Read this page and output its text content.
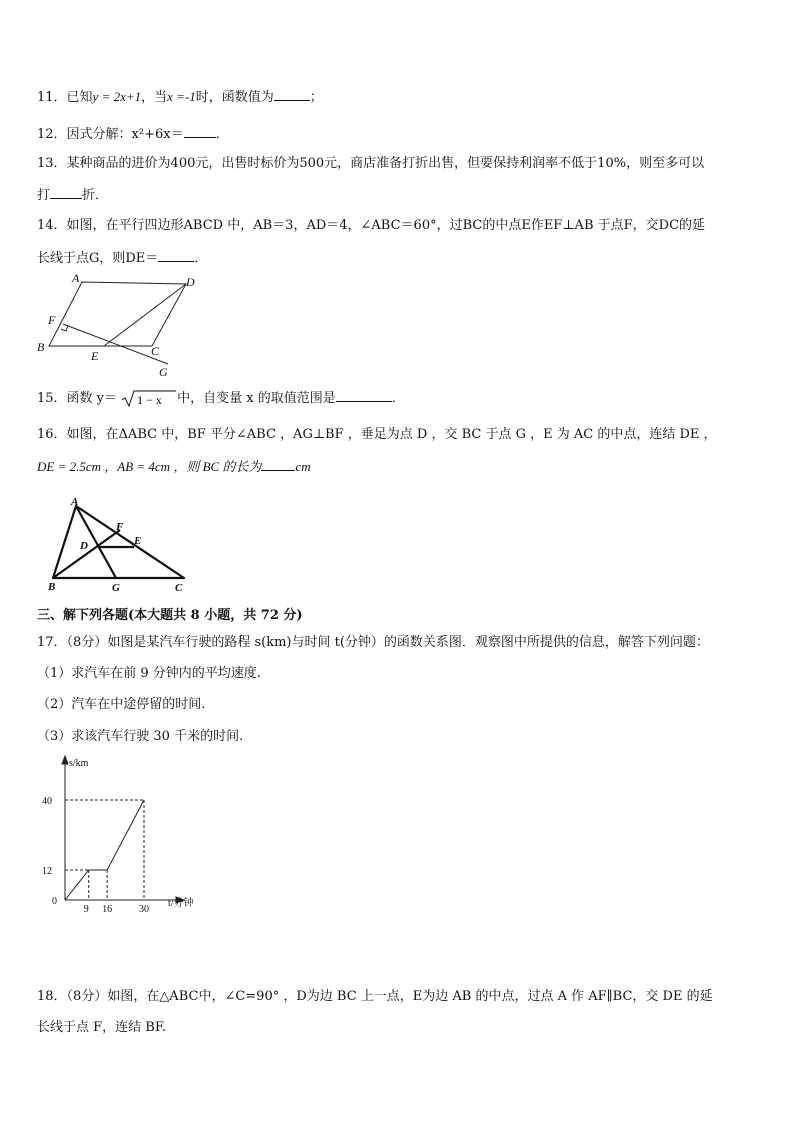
11．已知y = 2x+1，当x =-1时，函数值为	；
12．因式分解：x²+6x＝ ．
13．某种商品的进价为400元，出售时标价为500元，商店准备打折出售，但要保持利润率不低于10%，则至多可以
打 折．
14．如图，在平行四边形ABCD 中，AB＝3，AD＝4，∠ABC＝60°，过BC的中点E作EF⊥AB 于点F，交DC的延
长线于点G，则DE＝	．
A	D
F
B
E	C
G
15．函数 y＝ 1 − x 中，自变量 x 的取值范围是	．
16．如图，在ΔABC 中，BF 平分∠ABC ，AG⊥BF ，垂足为点 D ，交 BC 于点 G ，E 为 AC 的中点，连结 DE ，
DE = 2.5cm ，AB = 4cm ，则 BC 的长为	cm
A
F
D	E
B	G	C
三、解下列各题(本大题共 8 小题，共 72 分)
17．（8分）如图是某汽车行驶的路程 s(km)与时间 t(分钟）的函数关系图．观察图中所提供的信息，解答下列问题：
（1）求汽车在前 9 分钟内的平均速度.
（2）汽车在中途停留的时间.
（3）求该汽车行驶 30 千米的时间.
s/km
t/分钟
0
12
40
9 16	30
18．（8分）如图，在△ABC中，∠C=90° ，D为边 BC 上一点，E为边 AB 的中点，过点 A 作 AF∥BC，交 DE 的延
长线于点 F，连结 BF.
